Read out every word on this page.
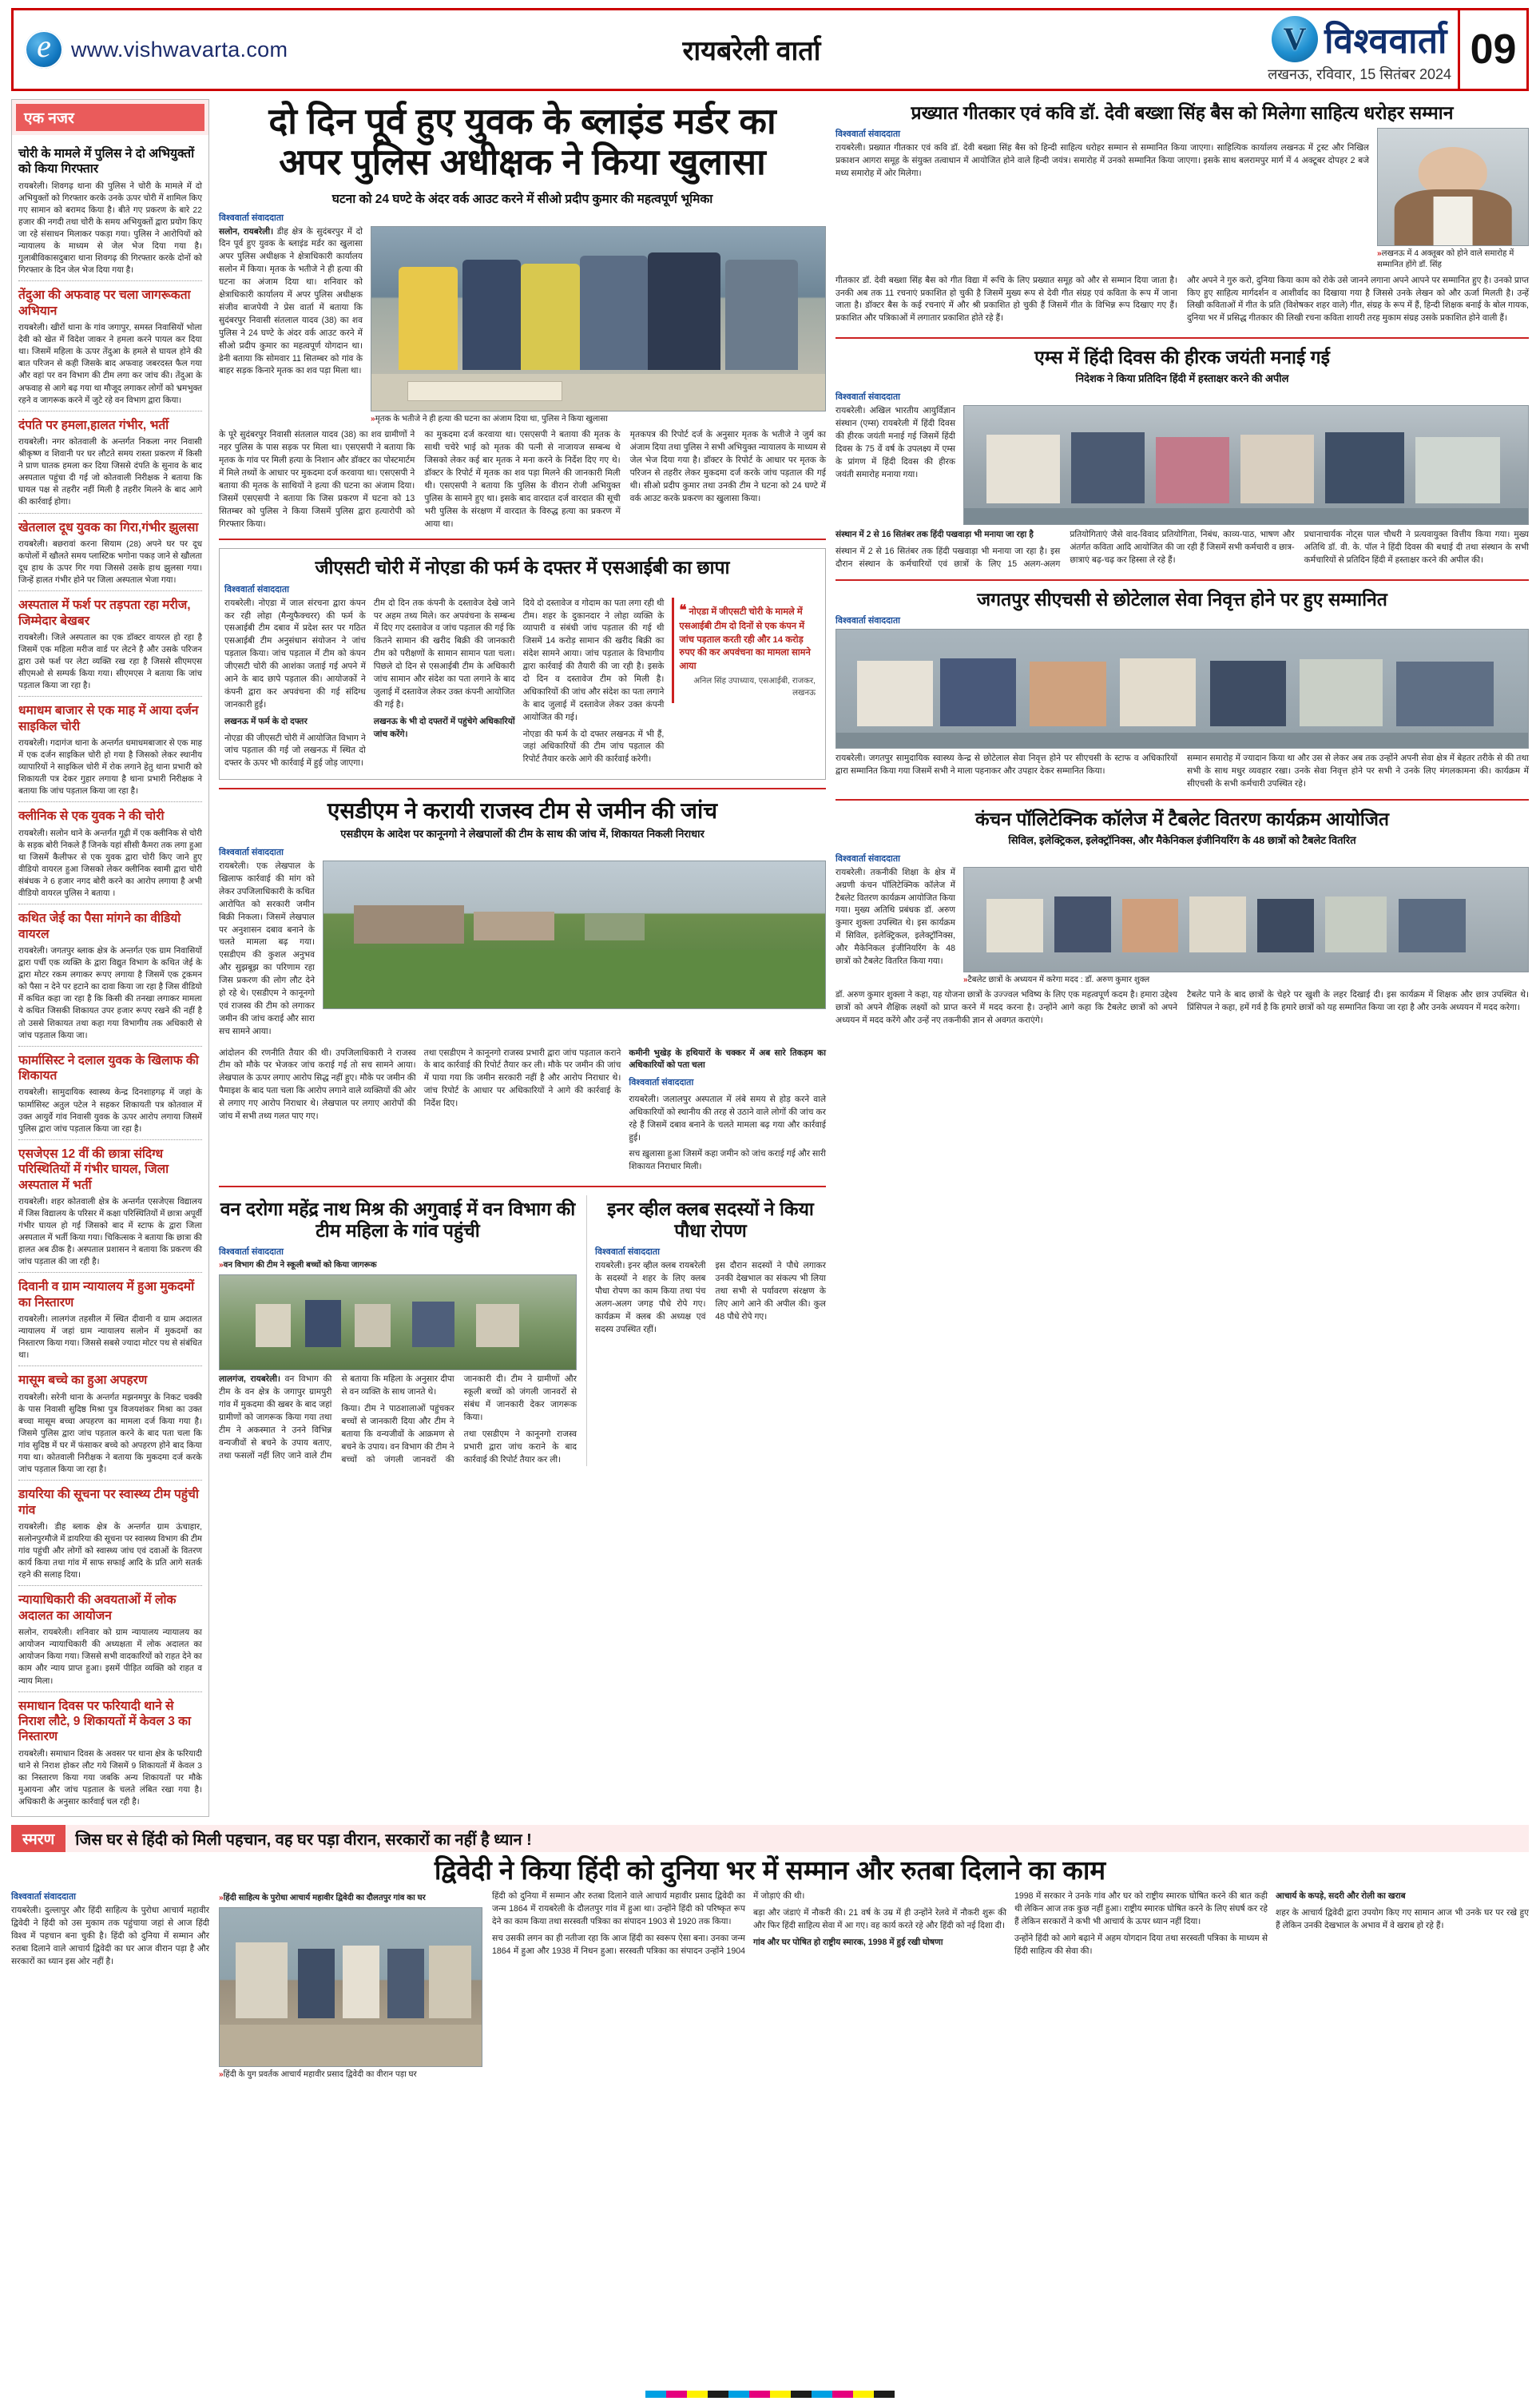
e
www.vishwavarta.com	रायबरेली वार्ता V	विश्ववार्ता
लखनऊ, रविवार, 15 सितंबर 2024
09
एक नजर
चोरी के मामले में पुलिस ने दो अभियुक्तों को किया गिरफ्तार

रायबरेली। शिवगढ़ थाना की पुलिस ने चोरी के मामले में दो अभियुक्तों को गिरफ्तार करके उनके ऊपर चोरी में शामिल किए गए सामान को बरामद किया है। बीते गए प्रकरण के बारे 22 हजार की नगदी तथा चोरी के समय अभियुक्तों द्वारा प्रयोग किए जा रहे संसाधन मिलाकर पकड़ा गया। पुलिस ने आरोपियों को न्यायालय के माध्यम से जेल भेज दिया गया है। गुलाबीविकासदुबारा थाना शिवगढ़ की गिरफ्तार करके दोनों को गिरफ्तार के दिन जेल भेज दिया गया है।

तेंदुआ की अफवाह पर चला जागरूकता अभियान

रायबरेली। खीरों थाना के गांव जगापुर, समस्त निवासियों भोला देवी को खेत में विदेश जाकर ने हमला करने पायल कर दिया था। जिसमें महिला के ऊपर तेंदुआ के हमले से घायल होने की बात परिजन से कही जिसके बाद अफवाह जबरदस्त फैल गया और वहां पर वन विभाग की टीम लगा कर जांच की। तेंदुआ के अफवाह से आगे बढ़ गया था मौजूद लगाकर लोगों को भ्रमभुक्त रहने व जागरूक करने में जुटे रहे वन विभाग द्वारा किया।

दंपति पर हमला,हालत गंभीर, भर्ती

रायबरेली। नगर कोतवाली के अन्तर्गत निकला नगर निवासी श्रीकृष्ण व शिवानी पर घर लौटते समय रास्ता प्रकरण में किसी ने प्राण घातक हमला कर दिया जिससे दंपति के सुनाव के बाद अस्पताल पहुंचा दी गई जो कोतवाली निरीक्षक ने बताया कि घायल पक्ष से तहरीर नहीं मिली है तहरीर मिलने के बाद आगे की कार्रवाई होगा।

खेतलाल दूध युवक का गिरा,गंभीर झुलसा

रायबरेली। बछरावां करना सियाम (28) अपने घर पर दूध कपोलों में खौलते समय प्लास्टिक भगोना पकड़ जाने से खौलता दूध हाथ के ऊपर गिर गया जिससे उसके हाथ झुलसा गया। जिन्हें हालत गंभीर होने पर जिला अस्पताल भेजा गया।

अस्पताल में फर्श पर तड़पता रहा मरीज, जिम्मेदार बेखबर

रायबरेली। जिले अस्पताल का एक डॉक्टर वायरल हो रहा है जिसमें एक महिला मरीज वार्ड पर लेटने है और उसके परिजन द्वारा उसे फर्श पर लेटा व्यक्ति रख रहा है जिससे सीएमएस सीएमओ से सम्पर्क किया गया। सीएमएस ने बताया कि जांच पड़ताल किया जा रहा है।

धमाधम बाजार से एक माह में आया दर्जन साइकिल चोरी

रायबरेली। गदागंज थाना के अन्तर्गत धमाधमबाजार से एक माह में एक दर्जन साइकिल चोरी हो गया है जिसको लेकर स्थानीय व्यापारियों ने साइकिल चोरी में रोक लगाने हेतु थाना प्रभारी को शिकायती पत्र देकर गुहार लगाया है थाना प्रभारी निरीक्षक ने बताया कि जांच पड़ताल किया जा रहा है।

क्लीनिक से एक युवक ने की चोरी

रायबरेली। सलोन थाने के अन्तर्गत गूढ़ी में एक क्लीनिक से चोरी के सड़क बोरी निकले हैं जिनके यहां सीसी कैमरा तक लगा हुआ था जिसमें कैलीफर से एक युवक द्वारा चोरी किए जाने हुए वीडियो वायरल हुआ जिसको लेकर क्लीनिक स्वामी द्वारा चोरी संबंधक ने 6 हजार नगद बोरी करने का आरोप लगाया है अभी वीडियो वायरल पुलिस ने बताया ।

कथित जेई का पैसा मांगने का वीडियो वायरल

रायबरेली। जगतपुर ब्लाक क्षेत्र के अन्तर्गत एक ग्राम निवासियों द्वारा पर्ची एक व्यक्ति के द्वारा विद्युत विभाग के कथित जेई के द्वारा मोटर रकम लगाकर रूपए लगाया है जिसमें एक ट्रकमन को पैसा न देने पर हटाने का दावा किया जा रहा है जिस वीडियो में कथित कहा जा रहा है कि किसी की तनखा लगाकर मामला ये कथित जिसकी शिकायत उपर हजार रूपए रखने की नहीं है तो उससे शिकायत तथा कहा गया विभागीय तक अधिकारी से जांच पड़ताल किया जा।

फार्मासिस्ट ने दलाल युवक के खिलाफ की शिकायत

रायबरेली। सामुदायिक स्वास्थ्य केन्द्र दिनशाहगढ़ में जहां के फार्मासिस्ट अतुल पटेल ने सहकर शिकायती पत्र कोतवाल में उक्त आयुर्वे गांव निवासी युवक के ऊपर आरोप लगाया जिसमें पुलिस द्वारा जांच पड़ताल किया जा रहा है।

एसजेएस 12 वीं की छात्रा संदिग्ध परिस्थितियों में गंभीर घायल, जिला अस्पताल में भर्ती

रायबरेली। शहर कोतवाली क्षेत्र के अन्तर्गत एसजेएस विद्यालय में जिस विद्यालय के परिसर में कक्षा परिस्थितियों में छात्रा अपूर्वी गंभीर घायल हो गई जिसको बाद में स्टाफ के द्वारा जिला अस्पताल में भर्ती किया गया। चिकित्सक ने बताया कि छात्रा की हालत अब ठीक है। अस्पताल प्रशासन ने बताया कि प्रकरण की जांच पड़ताल की जा रही है।

दिवानी व ग्राम न्यायालय में हुआ मुकदमों का निस्तारण

रायबरेली। लालगंज तहसील में स्थित दीवानी व ग्राम अदालत न्यायालय में जहां ग्राम न्यायालय सलोन में मुकदमों का निस्तारण किया गया। जिससे सबसे ज्यादा मोटर पथ से संबंधित था।

मासूम बच्चे का हुआ अपहरण

रायबरेली। सरेनी थाना के अन्तर्गत मझनमपुर के निकट चक्की के पास निवासी सुदिष्ठ मिश्रा पुत्र विजयशंकर मिश्रा का उक्त बच्चा मासूम बच्चा अपहरण का मामला दर्ज किया गया है। जिसमे पुलिस द्वारा जांच पड़ताल करने के बाद पता चला कि गांव सुदिष्ठ में घर में फंसाकर बच्चे को अपहरण होने बाद किया गया था। कोतवाली निरीक्षक ने बताया कि मुकदमा दर्ज करके जांच पड़ताल किया जा रहा है।

डायरिया की सूचना पर स्वास्थ्य टीम पहुंची गांव

रायबरेली। डीह ब्लाक क्षेत्र के अन्तर्गत ग्राम ऊंचाहार, सलोनपुरमौजे में डायरिया की सूचना पर स्वास्थ्य विभाग की टीम गांव पहुंची और लोगों को स्वास्थ्य जांच एवं दवाओं के वितरण कार्य किया तथा गांव में साफ सफाई आदि के प्रति आगे सतर्क रहने की सलाह दिया।

न्यायाधिकारी की अवयताओं में लोक अदालत का आयोजन

सलोन, रायबरेली। शनिवार को ग्राम न्यायालय न्यायालय का आयोजन न्यायाधिकारी की अध्यक्षता में लोक अदालत का आयोजन किया गया। जिससे सभी वादकारियों को राहत देने का काम और न्याय प्राप्त हुआ। इसमें पीड़ित व्यक्ति को राहत व न्याय मिला।

समाधान दिवस पर फरियादी थाने से निराश लौटे, 9 शिकायतों में केवल 3 का निस्तारण

रायबरेली। समाधान दिवस के अवसर पर थाना क्षेत्र के फरियादी थाने से निराश होकर लौट गये जिसमें 9 शिकायतों में केवल 3 का निस्तारण किया गया जबकि अन्य शिकायतों पर मौके मुआयना और जांच पड़ताल के चलते लंबित रखा गया है। अधिकारी के अनुसार कार्रवाई चल रही है।

दो दिन पूर्व हुए युवक के ब्लाइंड मर्डर का
अपर पुलिस अधीक्षक ने किया खुलासा
घटना को 24 घण्टे के अंदर वर्क आउट करने में सीओ प्रदीप कुमार की महत्वपूर्ण भूमिका
विश्ववार्ता संवाददाता

सलोन, रायबरेली। डीह क्षेत्र के सुदंबरपुर में दो दिन पूर्व हुए युवक के ब्लाइंड मर्डर का खुलासा अपर पुलिस अधीक्षक ने क्षेत्राधिकारी कार्यालय सलोन में किया। मृतक के भतीजे ने ही हत्या की घटना का अंजाम दिया था। शनिवार को क्षेत्राधिकारी कार्यालय में अपर पुलिस अधीक्षक संजीव बाजपेयी ने प्रेस वार्ता में बताया कि सुदंबरपुर निवासी संतलाल यादव (38) का शव पुलिस ने 24 घण्टे के अंदर वर्क आउट करने में सीओ प्रदीप कुमार का महत्वपूर्ण योगदान था। डेनी बताया कि सोमवार 11 सितम्बर को गांव के बाहर सड़क किनारे मृतक का शव पड़ा मिला था।

»मृतक के भतीजे ने ही हत्या की घटना का अंजाम दिया था, पुलिस ने किया खुलासा

के पूरे सुदंबरपुर निवासी संतलाल यादव (38) का शव ग्रामीणों ने नहर पुलिस के पास सड़क पर मिला था। एसएसपी ने बताया कि मृतक के गांव पर मिली हत्या के निशान और डॉक्टर का पोस्टमार्टम में मिले तथ्यों के आधार पर मुकदमा दर्ज करवाया था। एसएसपी ने बताया की मृतक के साथियों ने हत्या की घटना का अंजाम दिया। जिसमें एसएसपी ने बताया कि जिस प्रकरण में घटना को 13 सितम्बर को पुलिस ने किया जिसमें पुलिस द्वारा हत्यारोपी को गिरफ्तार किया।

का मुकदमा दर्ज करवाया था। एसएसपी ने बताया की मृतक के साथी चचेरे भाई को मृतक की पत्नी से नाजायज सम्बन्ध थे जिसको लेकर कई बार मृतक ने मना करने के निर्देश दिए गए थे। डॉक्टर के रिपोर्ट में मृतक का शव पड़ा मिलने की जानकारी मिली थी। एसएसपी ने बताया कि पुलिस के वीरान रोजी अभियुक्त पुलिस के सामने हुए था। इसके बाद वारदात दर्ज वारदात की सूची भरी पुलिस के संरक्षण में वारदात के विरुद्ध हत्या का प्रकरण में आया था।

मृतकपत्र की रिपोर्ट दर्ज के अनुसार मृतक के भतीजे ने जुर्म का अंजाम दिया तथा पुलिस ने सभी अभियुक्त न्यायालय के माध्यम से जेल भेज दिया गया है। डॉक्टर के रिपोर्ट के आधार पर मृतक के परिजन से तहरीर लेकर मुकदमा दर्ज करके जांच पड़ताल की गई थी। सीओ प्रदीप कुमार तथा उनकी टीम ने घटना को 24 घण्टे में वर्क आउट करके प्रकरण का खुलासा किया।

जीएसटी चोरी में नोएडा की फर्म के दफ्तर में एसआईबी का छापा
विश्ववार्ता संवाददाता

रायबरेली। नोएडा में जाल संरचना द्वारा कंपन कर रही लोहा (मैन्युफैक्चरर) की फर्म के एसआईबी टीम दबाव में प्रदेश स्तर पर गठित एसआईबी टीम अनुसंधान संयोजन ने जांच पड़ताल किया। जांच पड़ताल में टीम को कंपन जीएसटी चोरी की आशंका जताई गई अपने में आने के बाद छापे पड़ताल की। आयोजकों ने कंपनी द्वारा कर अपवंचना की गई संदिग्ध जानकारी हुई।

लखनऊ में फर्म के दो दफ्तर

नोएडा की जीएसटी चोरी में आयोजित विभाग ने जांच पड़ताल की गई जो लखनऊ में स्थित दो दफ्तर के ऊपर भी कार्रवाई में हुई जोड़ जाएगा।

टीम दो दिन तक कंपनी के दस्तावेज देखे जाने पर अहम तथ्य मिले। कर अपवंचना के सम्बन्ध में दिए गए दस्तावेज व जांच पड़ताल की गई कि कितने सामान की खरीद बिक्री की जानकारी टीम को परीक्षणों के सामान सामान पता चला। पिछले दो दिन से एसआईबी टीम के अधिकारी जांच सामान और संदेश का पता लगाने के बाद जुलाई में दस्तावेज लेकर उक्त कंपनी आयोजित की गई है।

लखनऊ के भी दो दफ्तरों में पहुंचेगे अधिकारियों जांच करेंगे।

दिये दो दस्तावेज व गोदाम का पता लगा रही थी टीम। शहर के दुकानदार ने लोहा व्यक्ति के व्यापारी व संबंधी जांच पड़ताल की गई थी जिसमें 14 करोड़ सामान की खरीद बिक्री का संदेश सामने आया। जांच पड़ताल के विभागीय द्वारा कार्रवाई की तैयारी की जा रही है। इसके दो दिन व दस्तावेज टीम को मिली है। अधिकारियों की जांच और संदेश का पता लगाने के बाद जुलाई में दस्तावेज लेकर उक्त कंपनी आयोजित की गई।

नोएडा की फर्म के दो दफ्तर लखनऊ में भी हैं, जहां अधिकारियों की टीम जांच पड़ताल की रिपोर्ट तैयार करके आगे की कार्रवाई करेगी।

❝ नोएडा में जीएसटी चोरी के मामले में एसआईबी टीम दो दिनों से एक कंपन में जांच पड़ताल करती रही और 14 करोड़ रुपए की कर अपवंचना का मामला सामने आया
अनिल सिंह उपाध्याय, एसआईबी, राजकर, लखनऊ
एसडीएम ने करायी राजस्व टीम से जमीन की जांच
एसडीएम के आदेश पर कानूनगो ने लेखपालों की टीम के साथ की जांच में, शिकायत निकली निराधार
विश्ववार्ता संवाददाता

रायबरेली। एक लेखपाल के खिलाफ कार्रवाई की मांग को लेकर उपजिलाधिकारी के कथित आरोपित को सरकारी जमीन बिक्री निकला। जिसमें लेखपाल पर अनुशासन दबाव बनाने के चलते मामला बढ़ गया। एसडीएम की कुशल अनुभव और सुझबूझ का परिणाम रहा जिस प्रकरण की लोग लौट देने हो रहे थे। एसडीएम ने कानूनगो एवं राजस्व की टीम को लगाकर जमीन की जांच कराई और सारा सच सामने आया।

आंदोलन की रणनीति तैयार की थी। उपजिलाधिकारी ने राजस्व टीम को मौके पर भेजकर जांच कराई गई तो सच सामने आया। लेखपाल के ऊपर लगाए आरोप सिद्ध नहीं हुए। मौके पर जमीन की पैमाइश के बाद पता चला कि आरोप लगाने वाले व्यक्तियों की ओर से लगाए गए आरोप निराधार थे। लेखपाल पर लगाए आरोपों की जांच में सभी तथ्य गलत पाए गए।

तथा एसडीएम ने कानूनगो राजस्व प्रभारी द्वारा जांच पड़ताल कराने के बाद कार्रवाई की रिपोर्ट तैयार कर ली। मौके पर जमीन की जांच में पाया गया कि जमीन सरकारी नहीं है और आरोप निराधार थे। जांच रिपोर्ट के आधार पर अधिकारियों ने आगे की कार्रवाई के निर्देश दिए।

कमीनी भुखेड़ के हथियारों के चक्कर में अब सारे तिकड़म का अधिकारियों को पता चला

विश्ववार्ता संवाददाता

रायबरेली। जलालपुर अस्पताल में लंबे समय से होड़ करने वाले अधिकारियों को स्थानीय की तरह से उठाने वाले लोगों की जांच कर रहे हैं जिसमें दबाव बनाने के चलते मामला बढ़ गया और कार्रवाई हुई।

सच ख़ुलासा हुआ जिसमें कहा जमीन को जांच कराई गई और सारी शिकायत निराधार मिली।

वन दरोगा महेंद्र नाथ मिश्र की अगुवाई में वन विभाग की टीम महिला के गांव पहुंची
विश्ववार्ता संवाददाता
»वन विभाग की टीम ने स्कूली बच्चों को किया जागरूक

लालगंज, रायबरेली। वन विभाग की टीम के वन क्षेत्र के जगापुर ग्रामपुरी गांव में मुकदमा की खबर के बाद जहां ग्रामीणों को जागरूक किया गया तथा टीम ने अकस्मात ने उनने विभिन्न वन्यजीवों से बचने के उपाय बताए, तथा फसलों नहीं लिए जाने वाले टीम से बताया कि महिला के अनुसार दीपा से वन व्यक्ति के साथ जानते थे।

किया। टीम ने पाठशालाओं पहुंचकर बच्चों से जानकारी दिया और टीम ने बताया कि वन्यजीवों के आक्रमण से बचने के उपाय। वन विभाग की टीम ने बच्चों को जंगली जानवरों की जानकारी दी। टीम ने ग्रामीणों और स्कूली बच्चों को जंगली जानवरों से संबंध में जानकारी देकर जागरूक किया।

तथा एसडीएम ने कानूनगो राजस्व प्रभारी द्वारा जांच कराने के बाद कार्रवाई की रिपोर्ट तैयार कर ली।

इनर व्हील क्लब सदस्यों ने किया पौधा रोपण
विश्ववार्ता संवाददाता

रायबरेली। इनर व्हील क्लब रायबरेली के सदस्यों ने शहर के लिए क्लब पौधा रोपण का काम किया तथा पंच अलग-अलग जगह पौधे रोपे गए। कार्यक्रम में क्लब की अध्यक्ष एवं सदस्य उपस्थित रहीं।

इस दौरान सदस्यों ने पौधे लगाकर उनकी देखभाल का संकल्प भी लिया तथा सभी से पर्यावरण संरक्षण के लिए आगे आने की अपील की। कुल 48 पौधे रोपे गए।

प्रख्यात गीतकार एवं कवि डॉ. देवी बख्शा सिंह बैस को मिलेगा साहित्य धरोहर सम्मान
विश्ववार्ता संवाददाता

रायबरेली। प्रख्यात गीतकार एवं कवि डॉ. देवी बख्शा सिंह बैस को हिन्दी साहित्य धरोहर सम्मान से सम्मानित किया जाएगा। साहित्यिक कार्यालय लखनऊ में ट्रस्ट और निखिल प्रकाशन आगरा समूह के संयुक्त तत्वाधान में आयोजित होने वाले हिन्दी जयंत्र। समारोह में उनको सम्मानित किया जाएगा। इसके साथ बलरामपुर मार्ग में 4 अक्टूबर दोपहर 2 बजे मध्य समारोह में ओर मिलेगा।

»लखनऊ में 4 अक्तूबर को होने वाले समारोह में सम्मानित होंगे डॉ. सिंह

गीतकार डॉ. देवी बख्शा सिंह बैस को गीत विद्या में रूचि के लिए प्रख्यात समूह को और से सम्मान दिया जाता है। उनकी अब तक 11 रचनाएं प्रकाशित हो चुकी है जिसमें मुख्य रूप से देवी गीत संग्रह एवं कविता के रूप में जाना जाता है। डॉक्टर बैस के कई रचनाएं में और श्री प्रकाशित हो चुकी हैं जिसमें गीत के विभिन्न रूप दिखाए गए हैं। प्रकाशित और पत्रिकाओं में लगातार प्रकाशित होते रहे हैं।

और अपने ने गुरु करो, दुनिया किया काम को रोके उसे जानने लगाना अपने आपने पर सम्मानित हुए है। उनको प्राप्त किए हुए साहित्य मार्गदर्शन व आशीर्वाद का दिखाया गया है जिससे उनके लेखन को और ऊर्जा मिलती है। उन्हें लिखी कविताओं में गीत के प्रति (विशेषकर शहर वाले) गीत, संग्रह के रूप में हैं, हिन्दी शिक्षक बनाई के बोल गायक, दुनिया भर में प्रसिद्ध गीतकार की लिखी रचना कविता शायरी तरह मुकाम संग्रह उसके प्रकाशित होने वाली हैं।

एम्स में हिंदी दिवस की हीरक जयंती मनाई गई
निदेशक ने किया प्रतिदिन हिंदी में हस्ताक्षर करने की अपील
विश्ववार्ता संवाददाता

रायबरेली। अखिल भारतीय आयुर्विज्ञान संस्थान (एम्स) रायबरेली में हिंदी दिवस की हीरक जयंती मनाई गई जिसमें हिंदी दिवस के 75 वें वर्ष के उपलक्ष्य में एम्स के प्रांगण में हिंदी दिवस की हीरक जयंती समारोह मनाया गया।

संस्थान में 2 से 16 सितंबर तक हिंदी पखवाड़ा भी मनाया जा रहा है

संस्थान में 2 से 16 सितंबर तक हिंदी पखवाड़ा भी मनाया जा रहा है। इस दौरान संस्थान के कर्मचारियों एवं छात्रों के लिए 15 अलग-अलग प्रतियोगिताएं जैसे वाद-विवाद प्रतियोगिता, निबंध, काव्य-पाठ, भाषण और अंतर्गत कविता आदि आयोजित की जा रही हैं जिसमें सभी कर्मचारी व छात्र-छात्राएं बढ़-चढ़ कर हिस्सा ले रहे हैं।

प्रधानाचार्यक नोट्स पाल चौधरी ने प्रत्यवायुक्त वित्तीय किया गया। मुख्य अतिथि डॉ. वी. के. पॉल ने हिंदी दिवस की बधाई दी तथा संस्थान के सभी कर्मचारियों से प्रतिदिन हिंदी में हस्ताक्षर करने की अपील की।

जगतपुर सीएचसी से छोटेलाल सेवा निवृत्त होने पर हुए सम्मानित
विश्ववार्ता संवाददाता

रायबरेली। जगतपुर सामुदायिक स्वास्थ्य केन्द्र से छोटेलाल सेवा निवृत्त होने पर सीएचसी के स्टाफ व अधिकारियों द्वारा सम्मानित किया गया जिसमें सभी ने माला पहनाकर और उपहार देकर सम्मानित किया।

सम्मान समारोह में ज्यादान किया था और उस से लेकर अब तक उन्होंने अपनी सेवा क्षेत्र में बेहतर तरीके से की तथा सभी के साथ मधुर व्यवहार रखा। उनके सेवा निवृत्त होने पर सभी ने उनके लिए मंगलकामना की। कार्यक्रम में सीएचसी के सभी कर्मचारी उपस्थित रहे।

कंचन पॉलिटेक्निक कॉलेज में टैबलेट वितरण कार्यक्रम आयोजित
सिविल, इलेक्ट्रिकल, इलेक्ट्रॉनिक्स, और मैकेनिकल इंजीनियरिंग के 48 छात्रों को टैबलेट वितरित
विश्ववार्ता संवाददाता

रायबरेली। तकनीकी शिक्षा के क्षेत्र में अग्रणी कंचन पॉलिटेक्निक कॉलेज में टैबलेट वितरण कार्यक्रम आयोजित किया गया। मुख्य अतिथि प्रबंधक डॉ. अरुण कुमार शुक्ला उपस्थित थे। इस कार्यक्रम में सिविल, इलेक्ट्रिकल, इलेक्ट्रॉनिक्स, और मैकेनिकल इंजीनियरिंग के 48 छात्रों को टैबलेट वितरित किया गया।

»टैबलेट छात्रों के अध्ययन में करेगा मदद : डॉ. अरुण कुमार शुक्ल

डॉ. अरुण कुमार शुक्ला ने कहा, यह योजना छात्रों के उज्ज्वल भविष्य के लिए एक महत्वपूर्ण कदम है। हमारा उद्देश्य छात्रों को अपने शैक्षिक लक्ष्यों को प्राप्त करने में मदद करना है। उन्होंने आगे कहा कि टैबलेट छात्रों को अपने अध्ययन में मदद करेंगे और उन्हें नए तकनीकी ज्ञान से अवगत कराएंगे।

टैबलेट पाने के बाद छात्रों के चेहरे पर खुशी के लहर दिखाई दी। इस कार्यक्रम में शिक्षक और छात्र उपस्थित थे। प्रिंसिपल ने कहा, हमें गर्व है कि हमारे छात्रों को यह सम्मानित किया जा रहा है और उनके अध्ययन में मदद करेगा।

स्मरण	जिस घर से हिंदी को मिली पहचान, वह घर पड़ा वीरान, सरकारों का नहीं है ध्यान !
द्विवेदी ने किया हिंदी को दुनिया भर में सम्मान और रुतबा दिलाने का काम
विश्ववार्ता संवाददाता

रायबरेली। दुल्लापुर और हिंदी साहित्य के पुरोधा आचार्य महावीर द्विवेदी ने हिंदी को उस मुकाम तक पहुंचाया जहां से आज हिंदी विश्व में पहचान बना चुकी है। हिंदी को दुनिया में सम्मान और रुतबा दिलाने वाले आचार्य द्विवेदी का घर आज वीरान पड़ा है और सरकारों का ध्यान इस ओर नहीं है।

»हिंदी साहित्य के पुरोधा आचार्य महावीर द्विवेदी का दौलतपुर गांव का घर
»हिंदी के युग प्रवर्तक आचार्य महावीर प्रसाद द्विवेदी का वीरान पड़ा घर

हिंदी को दुनिया में सम्मान और रुतबा दिलाने वाले आचार्य महावीर प्रसाद द्विवेदी का जन्म 1864 में रायबरेली के दौलतपुर गांव में हुआ था। उन्होंने हिंदी को परिष्कृत रूप देने का काम किया तथा सरस्वती पत्रिका का संपादन 1903 से 1920 तक किया।

सच उसकी लगन का ही नतीजा रहा कि आज हिंदी का स्वरूप ऐसा बना। उनका जन्म 1864 में हुआ और 1938 में निधन हुआ। सरस्वती पत्रिका का संपादन उन्होंने 1904 में जोड़ाएं की थी।

बड़ा और जंडाएं में नौकरी की। 21 वर्ष के उम्र में ही उन्होंने रेलवे में नौकरी शुरू की और फिर हिंदी साहित्य सेवा में आ गए। वह कार्य करते रहे और हिंदी को नई दिशा दी।

गांव और घर पोषित हो राष्ट्रीय स्मारक, 1998 में हुई रखी घोषणा

1998 में सरकार ने उनके गांव और घर को राष्ट्रीय स्मारक घोषित करने की बात कही थी लेकिन आज तक कुछ नहीं हुआ। राष्ट्रीय स्मारक घोषित करने के लिए संघर्ष कर रहे हैं लेकिन सरकारों ने कभी भी आचार्य के ऊपर ध्यान नहीं दिया।

उन्होंने हिंदी को आगे बढ़ाने में अहम योगदान दिया तथा सरस्वती पत्रिका के माध्यम से हिंदी साहित्य की सेवा की।

आचार्य के कपड़े, सदरी और रोली का खराब

शहर के आचार्य द्विवेदी द्वारा उपयोग किए गए सामान आज भी उनके घर पर रखे हुए हैं लेकिन उनकी देखभाल के अभाव में वे खराब हो रहे हैं।
